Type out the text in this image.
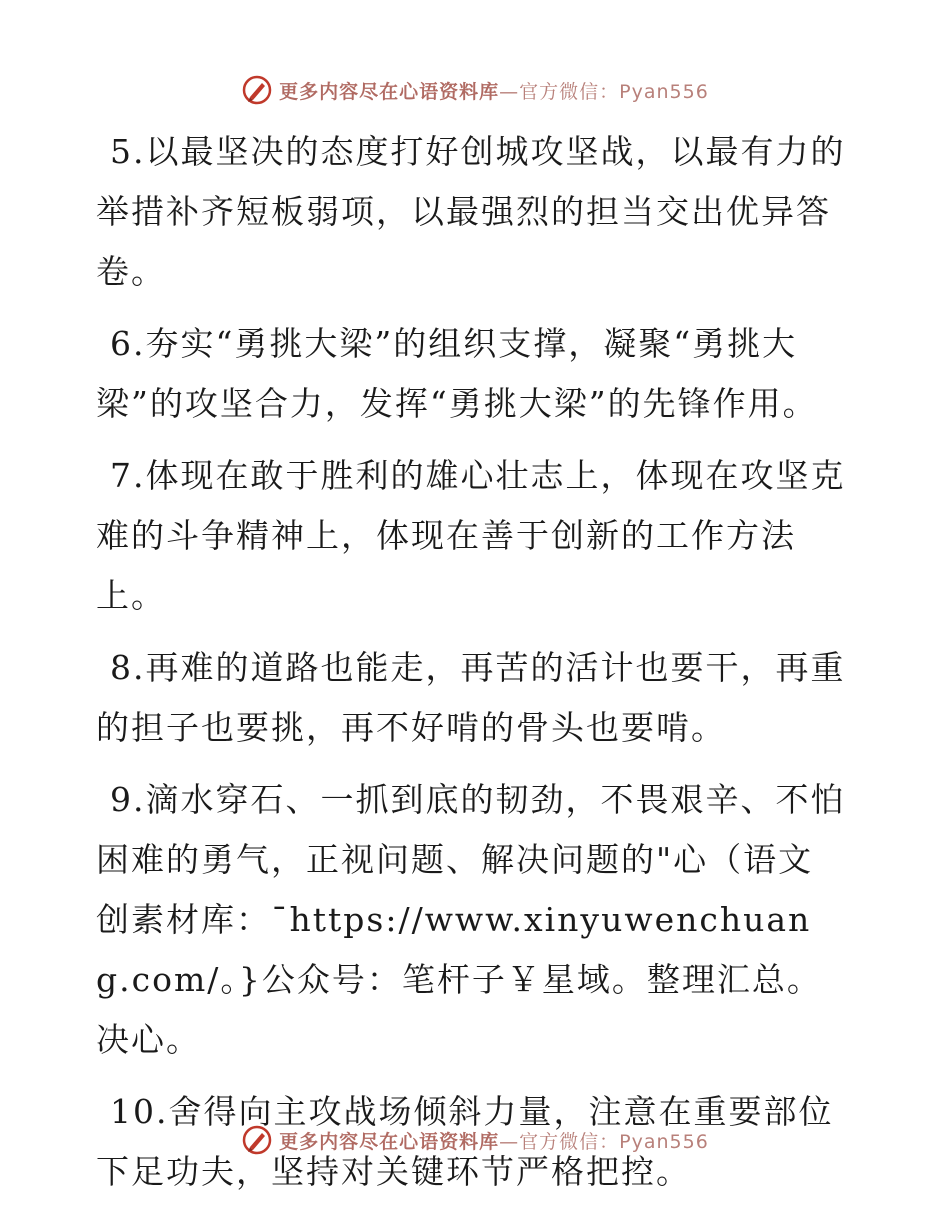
更多内容尽在心语资料库—官方微信：Pyan556

5.以最坚决的态度打好创城攻坚战，以最有力的举措补齐短板弱项，以最强烈的担当交出优异答卷。

6.夯实“勇挑大梁”的组织支撑，凝聚“勇挑大梁”的攻坚合力，发挥“勇挑大梁”的先锋作用。

7.体现在敢于胜利的雄心壮志上，体现在攻坚克难的斗争精神上，体现在善于创新的工作方法上。

8.再难的道路也能走，再苦的活计也要干，再重的担子也要挑，再不好啃的骨头也要啃。

9.滴水穿石、一抓到底的韧劲，不畏艰辛、不怕困难的勇气，正视问题、解决问题的"心（语文创素材库：¯https://www.xinyuwenchuang.com/。}公众号：笔杆子￥星域。整理汇总。决心。

10.舍得向主攻战场倾斜力量，注意在重要部位下足功夫，坚持对关键环节严格把控。

更多内容尽在心语资料库—官方微信：Pyan556
